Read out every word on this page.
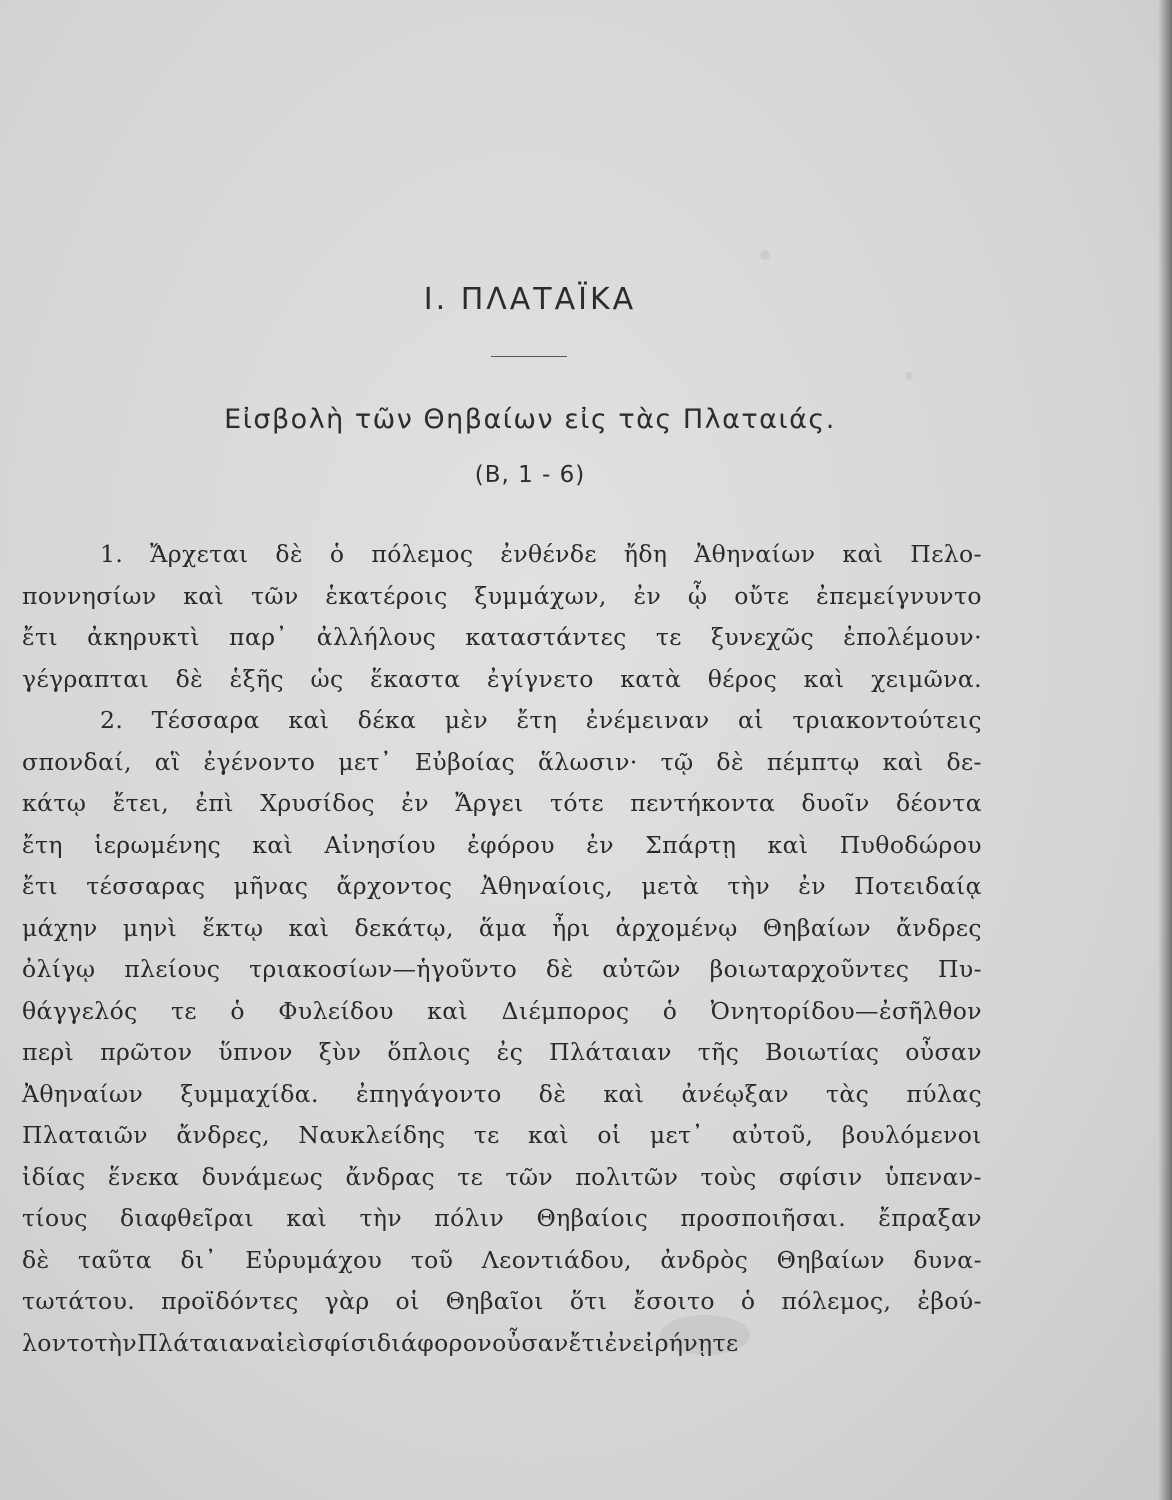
I. ΠΛΑΤΑΪΚΑ
Εἰσβολὴ τῶν Θηβαίων εἰς τὰς Πλαταιάς.
(Β, 1 - 6)
1. Ἄρχεται δὲ ὁ πόλεμος ἐνθένδε ἤδη Ἀθηναίων καὶ Πελο-
ποννησίων καὶ τῶν ἑκατέροις ξυμμάχων, ἐν ᾧ οὔτε ἐπεμείγνυντο
ἔτι ἀκηρυκτὶ παρ᾽ ἀλλήλους καταστάντες τε ξυνεχῶς ἐπολέμουν·
γέγραπται δὲ ἑξῆς ὡς ἕκαστα ἐγίγνετο κατὰ θέρος καὶ χειμῶνα.
2. Τέσσαρα καὶ δέκα μὲν ἔτη ἐνέμειναν αἱ τριακοντούτεις
σπονδαί, αἳ ἐγένοντο μετ᾽ Εὐβοίας ἅλωσιν· τῷ δὲ πέμπτῳ καὶ δε-
κάτῳ ἔτει, ἐπὶ Χρυσίδος ἐν Ἄργει τότε πεντήκοντα δυοῖν δέοντα
ἔτη ἱερωμένης καὶ Αἰνησίου ἐφόρου ἐν Σπάρτῃ καὶ Πυθοδώρου
ἔτι τέσσαρας μῆνας ἄρχοντος Ἀθηναίοις, μετὰ τὴν ἐν Ποτειδαίᾳ
μάχην μηνὶ ἕκτῳ καὶ δεκάτῳ, ἅμα ἦρι ἀρχομένῳ Θηβαίων ἄνδρες
ὀλίγῳ πλείους τριακοσίων—ἡγοῦντο δὲ αὐτῶν βοιωταρχοῦντες Πυ-
θάγγελός τε ὁ Φυλείδου καὶ Διέμπορος ὁ Ὀνητορίδου—ἐσῆλθον
περὶ πρῶτον ὕπνον ξὺν ὅπλοις ἐς Πλάταιαν τῆς Βοιωτίας οὖσαν
Ἀθηναίων ξυμμαχίδα. ἐπηγάγοντο δὲ καὶ ἀνέῳξαν τὰς πύλας
Πλαταιῶν ἄνδρες, Ναυκλείδης τε καὶ οἱ μετ᾽ αὐτοῦ, βουλόμενοι
ἰδίας ἕνεκα δυνάμεως ἄνδρας τε τῶν πολιτῶν τοὺς σφίσιν ὑπεναν-
τίους διαφθεῖραι καὶ τὴν πόλιν Θηβαίοις προσποιῆσαι. ἔπραξαν
δὲ ταῦτα δι᾽ Εὐρυμάχου τοῦ Λεοντιάδου, ἀνδρὸς Θηβαίων δυνα-
τωτάτου. προϊδόντες γὰρ οἱ Θηβαῖοι ὅτι ἔσοιτο ὁ πόλεμος, ἐβού-
λοντο τὴν Πλάταιαν αἰεὶ σφίσι διάφορον οὖσαν ἔτι ἐν εἰρήνῃ τε
